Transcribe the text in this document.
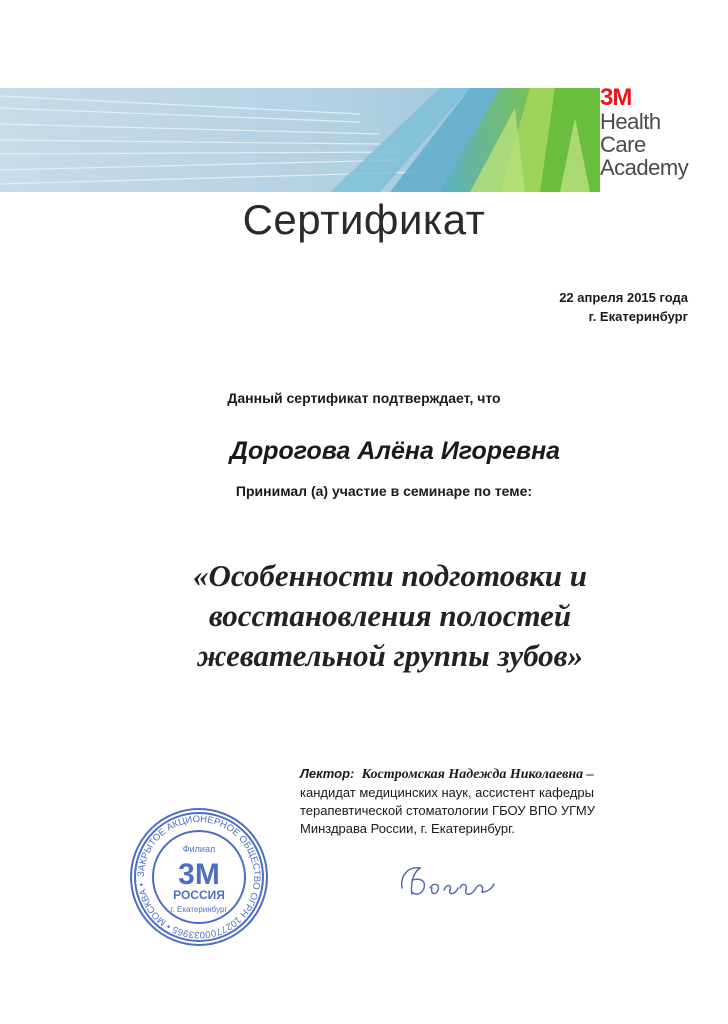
3M
Health
Care
Academy
Сертификат
22 апреля 2015 года
г. Екатеринбург
Данный сертификат подтверждает, что
Дорогова Алёна Игоревна
Принимал (а) участие в семинаре по теме:
«Особенности подготовки и
восстановления полостей
жевательной группы зубов»
Лектор: Костромская Надежда Николаевна –
кандидат медицинских наук, ассистент кафедры
терапевтической стоматологии ГБОУ ВПО УГМУ
Минздрава России, г. Екатеринбург.
ЗАКРЫТОЕ АКЦИОНЕРНОЕ ОБЩЕСТВО ОГРН 1027700033965 • МОСКВА •
Филиал
3M
РОССИЯ
г. Екатеринбург
